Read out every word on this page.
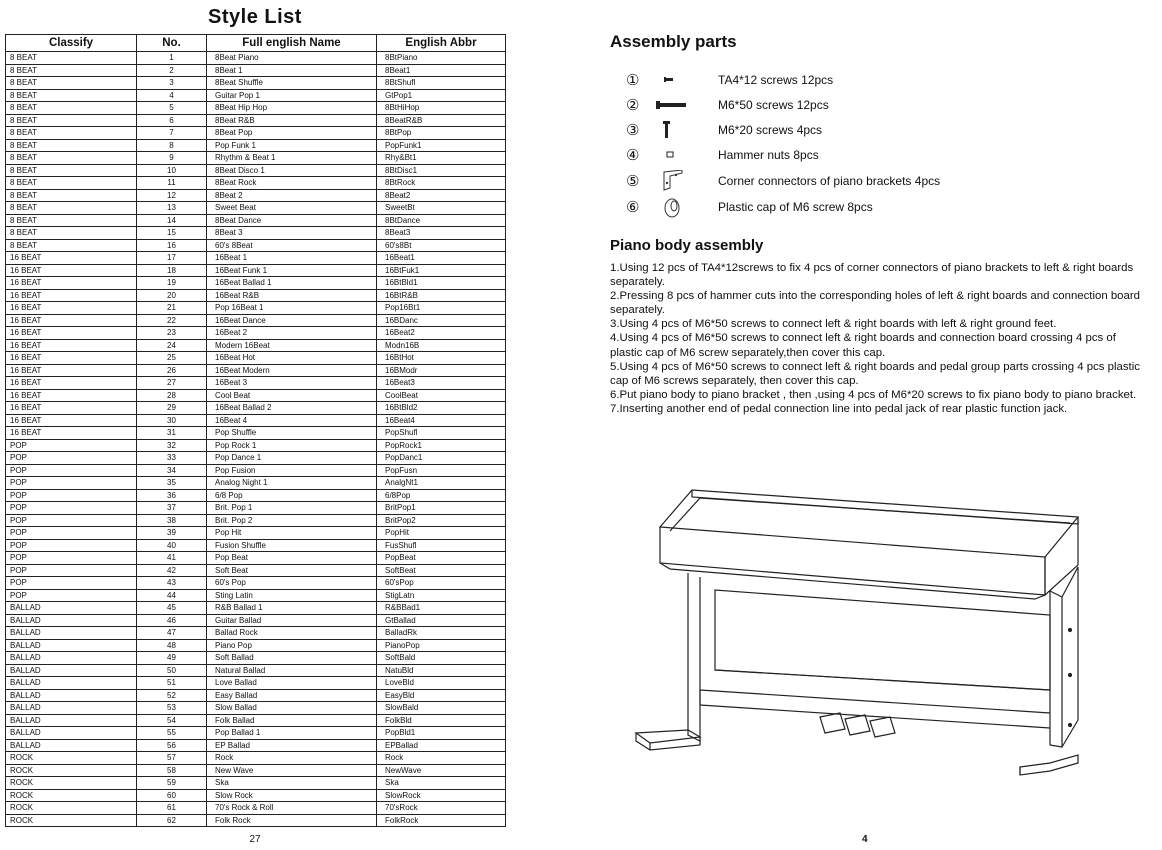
Style List
Classify	No.	Full english Name	English Abbr
8 BEAT	1	8Beat Piano	8BtPiano
8 BEAT	2	8Beat 1	8Beat1
8 BEAT	3	8Beat Shuffle	8BtShufl
8 BEAT	4	Guitar Pop 1	GtPop1
8 BEAT	5	8Beat Hip Hop	8BtHiHop
8 BEAT	6	8Beat R&B	8BeatR&B
8 BEAT	7	8Beat Pop	8BtPop
8 BEAT	8	Pop Funk 1	PopFunk1
8 BEAT	9	Rhythm & Beat 1	Rhy&Bt1
8 BEAT	10	8Beat Disco 1	8BtDisc1
8 BEAT	11	8Beat Rock	8BtRock
8 BEAT	12	8Beat 2	8Beat2
8 BEAT	13	Sweet Beat	SweetBt
8 BEAT	14	8Beat Dance	8BtDance
8 BEAT	15	8Beat 3	8Beat3
8 BEAT	16	60's 8Beat	60's8Bt
16 BEAT	17	16Beat 1	16Beat1
16 BEAT	18	16Beat Funk 1	16BtFuk1
16 BEAT	19	16Beat Ballad 1	16BtBld1
16 BEAT	20	16Beat R&B	16BtR&B
16 BEAT	21	Pop 16Beat 1	Pop16Bt1
16 BEAT	22	16Beat Dance	16BDanc
16 BEAT	23	16Beat 2	16Beat2
16 BEAT	24	Modern 16Beat	Modn16B
16 BEAT	25	16Beat Hot	16BtHot
16 BEAT	26	16Beat Modern	16BModr
16 BEAT	27	16Beat 3	16Beat3
16 BEAT	28	Cool Beat	CoolBeat
16 BEAT	29	16Beat Ballad 2	16BtBld2
16 BEAT	30	16Beat 4	16Beat4
16 BEAT	31	Pop Shuffle	PopShufl
POP	32	Pop Rock 1	PopRock1
POP	33	Pop Dance 1	PopDanc1
POP	34	Pop Fusion	PopFusn
POP	35	Analog Night 1	AnalgNt1
POP	36	6/8 Pop	6/8Pop
POP	37	Brit. Pop 1	BritPop1
POP	38	Brit. Pop 2	BritPop2
POP	39	Pop Hit	PopHit
POP	40	Fusion Shuffle	FusShufl
POP	41	Pop Beat	PopBeat
POP	42	Soft Beat	SoftBeat
POP	43	60's Pop	60'sPop
POP	44	Sting Latin	StigLatn
BALLAD	45	R&B Ballad 1	R&BBad1
BALLAD	46	Guitar Ballad	GtBallad
BALLAD	47	Ballad Rock	BalladRk
BALLAD	48	Piano Pop	PianoPop
BALLAD	49	Soft Ballad	SoftBald
BALLAD	50	Natural Ballad	NatuBld
BALLAD	51	Love Ballad	LoveBld
BALLAD	52	Easy Ballad	EasyBld
BALLAD	53	Slow Ballad	SlowBald
BALLAD	54	Folk Ballad	FolkBld
BALLAD	55	Pop Ballad 1	PopBld1
BALLAD	56	EP Ballad	EPBallad
ROCK	57	Rock	Rock
ROCK	58	New Wave	NewWave
ROCK	59	Ska	Ska
ROCK	60	Slow Rock	SlowRock
ROCK	61	70's Rock & Roll	70'sRock
ROCK	62	Folk Rock	FolkRock
27
Assembly parts
①	TA4*12 screws 12pcs
②	M6*50 screws 12pcs
③	M6*20 screws 4pcs
④	Hammer nuts 8pcs
⑤	Corner connectors of piano brackets 4pcs
⑥	Plastic cap of M6 screw 8pcs
Piano body assembly

1.Using 12 pcs of TA4*12screws to fix 4 pcs of corner connectors of piano brackets to left & right boards separately.

2.Pressing 8 pcs of hammer cuts into the corresponding holes of left & right boards and connection board separately.

3.Using 4 pcs of M6*50 screws to connect left & right boards with left & right ground feet.

4.Using 4 pcs of M6*50 screws to connect left & right boards and connection board crossing 4 pcs of plastic cap of M6 screw separately,then cover this cap.

5.Using 4 pcs of M6*50 screws to connect left & right boards and pedal group parts crossing 4 pcs plastic cap of M6 screws separately, then cover this cap.

6.Put piano body to piano bracket , then ,using 4 pcs of M6*20 screws to fix piano body to piano bracket.

7.Inserting another end of pedal connection line into pedal jack of rear plastic function jack.

4
